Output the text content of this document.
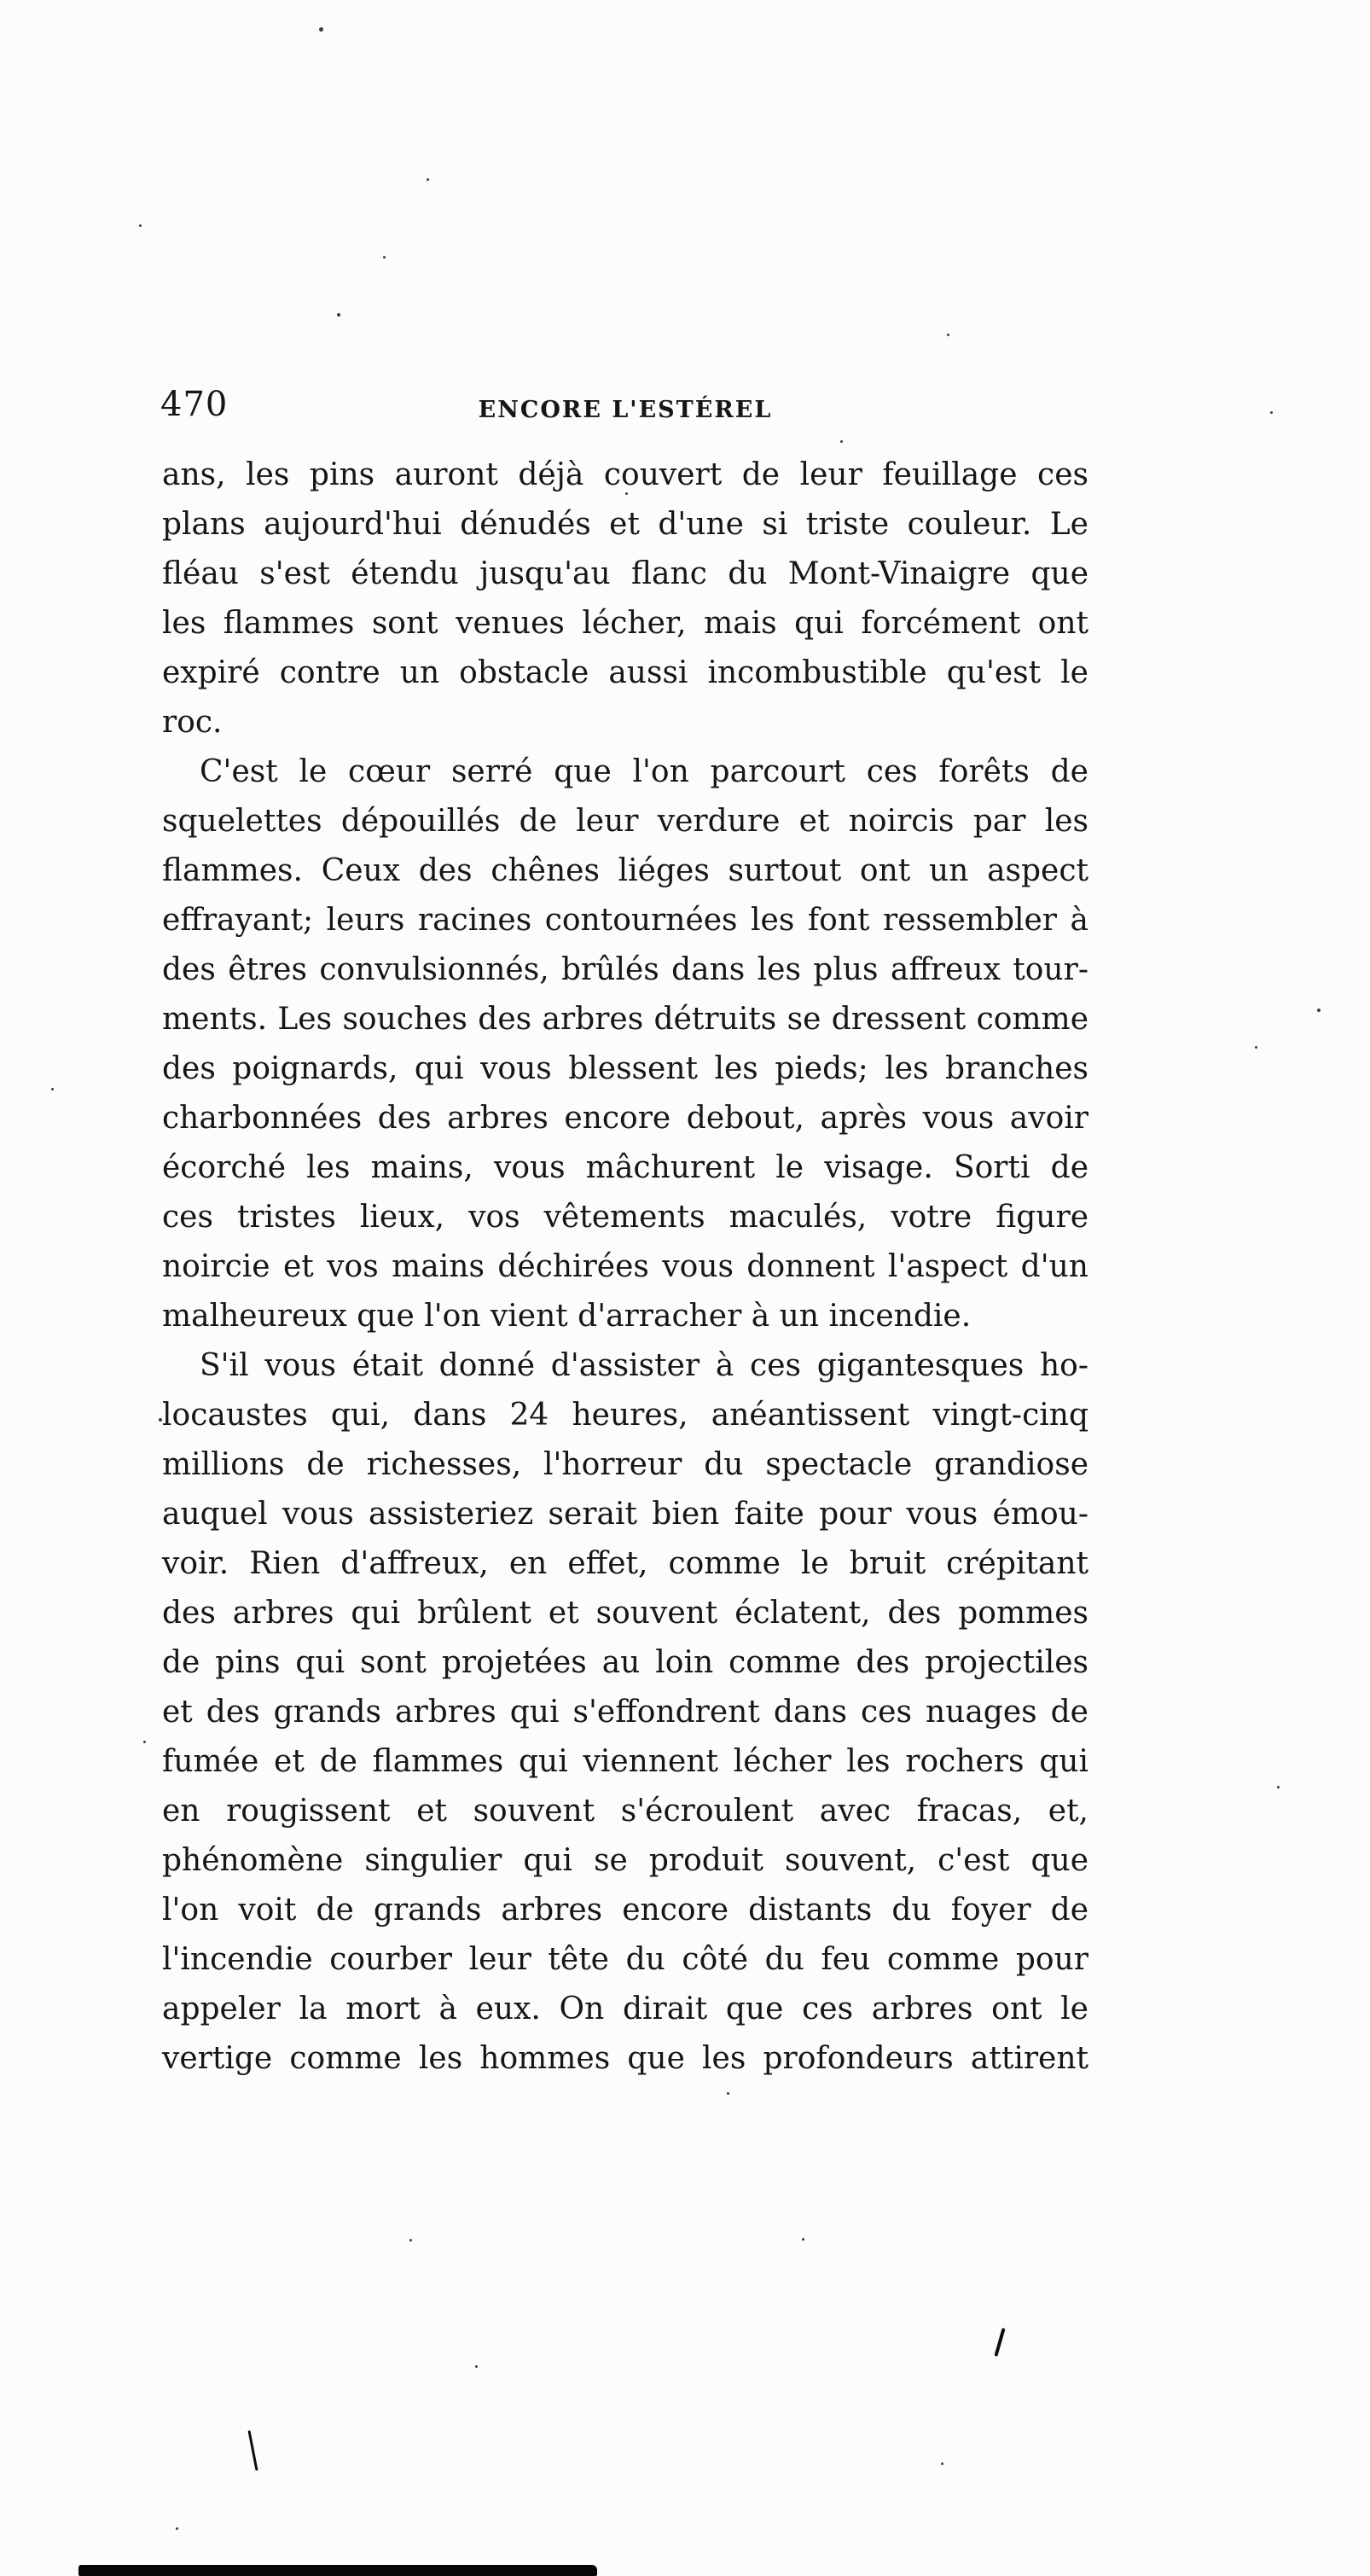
470	ENCORE L'ESTÉREL
ans, les pins auront déjà couvert de leur feuillage ces
plans aujourd'hui dénudés et d'une si triste couleur. Le
fléau s'est étendu jusqu'au flanc du Mont-Vinaigre que
les flammes sont venues lécher, mais qui forcément ont
expiré contre un obstacle aussi incombustible qu'est le
roc.
C'est le cœur serré que l'on parcourt ces forêts de
squelettes dépouillés de leur verdure et noircis par les
flammes. Ceux des chênes liéges surtout ont un aspect
effrayant; leurs racines contournées les font ressembler à
des êtres convulsionnés, brûlés dans les plus affreux tour-
ments. Les souches des arbres détruits se dressent comme
des poignards, qui vous blessent les pieds; les branches
charbonnées des arbres encore debout, après vous avoir
écorché les mains, vous mâchurent le visage. Sorti de
ces tristes lieux, vos vêtements maculés, votre figure
noircie et vos mains déchirées vous donnent l'aspect d'un
malheureux que l'on vient d'arracher à un incendie.
S'il vous était donné d'assister à ces gigantesques ho-
locaustes qui, dans 24 heures, anéantissent vingt-cinq
millions de richesses, l'horreur du spectacle grandiose
auquel vous assisteriez serait bien faite pour vous émou-
voir. Rien d'affreux, en effet, comme le bruit crépitant
des arbres qui brûlent et souvent éclatent, des pommes
de pins qui sont projetées au loin comme des projectiles
et des grands arbres qui s'effondrent dans ces nuages de
fumée et de flammes qui viennent lécher les rochers qui
en rougissent et souvent s'écroulent avec fracas, et,
phénomène singulier qui se produit souvent, c'est que
l'on voit de grands arbres encore distants du foyer de
l'incendie courber leur tête du côté du feu comme pour
appeler la mort à eux. On dirait que ces arbres ont le
vertige comme les hommes que les profondeurs attirent
